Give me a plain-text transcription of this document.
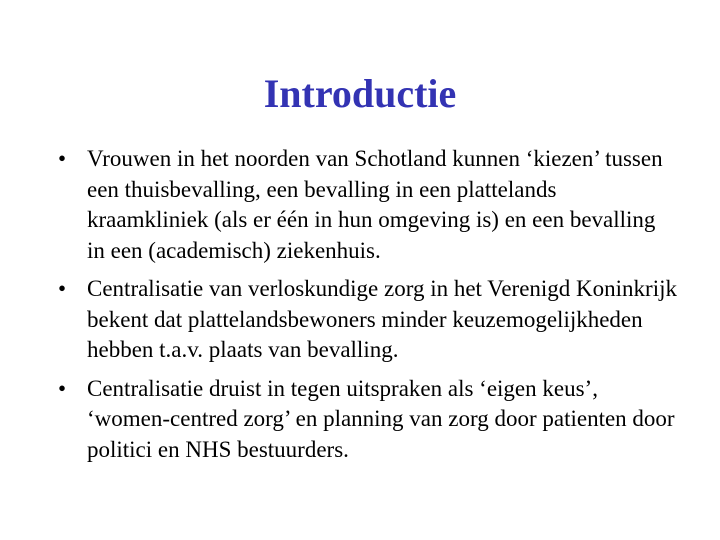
Introductie
• Vrouwen in het noorden van Schotland kunnen ‘kiezen’ tussen een thuisbevalling, een bevalling in een plattelands kraamkliniek (als er één in hun omgeving is) en een bevalling in een (academisch) ziekenhuis.
• Centralisatie van verloskundige zorg in het Verenigd Koninkrijk bekent dat plattelandsbewoners minder keuzemogelijkheden hebben t.a.v. plaats van bevalling.
• Centralisatie druist in tegen uitspraken als ‘eigen keus’, ‘women-centred zorg’ en planning van zorg door patienten door politici en NHS bestuurders.
